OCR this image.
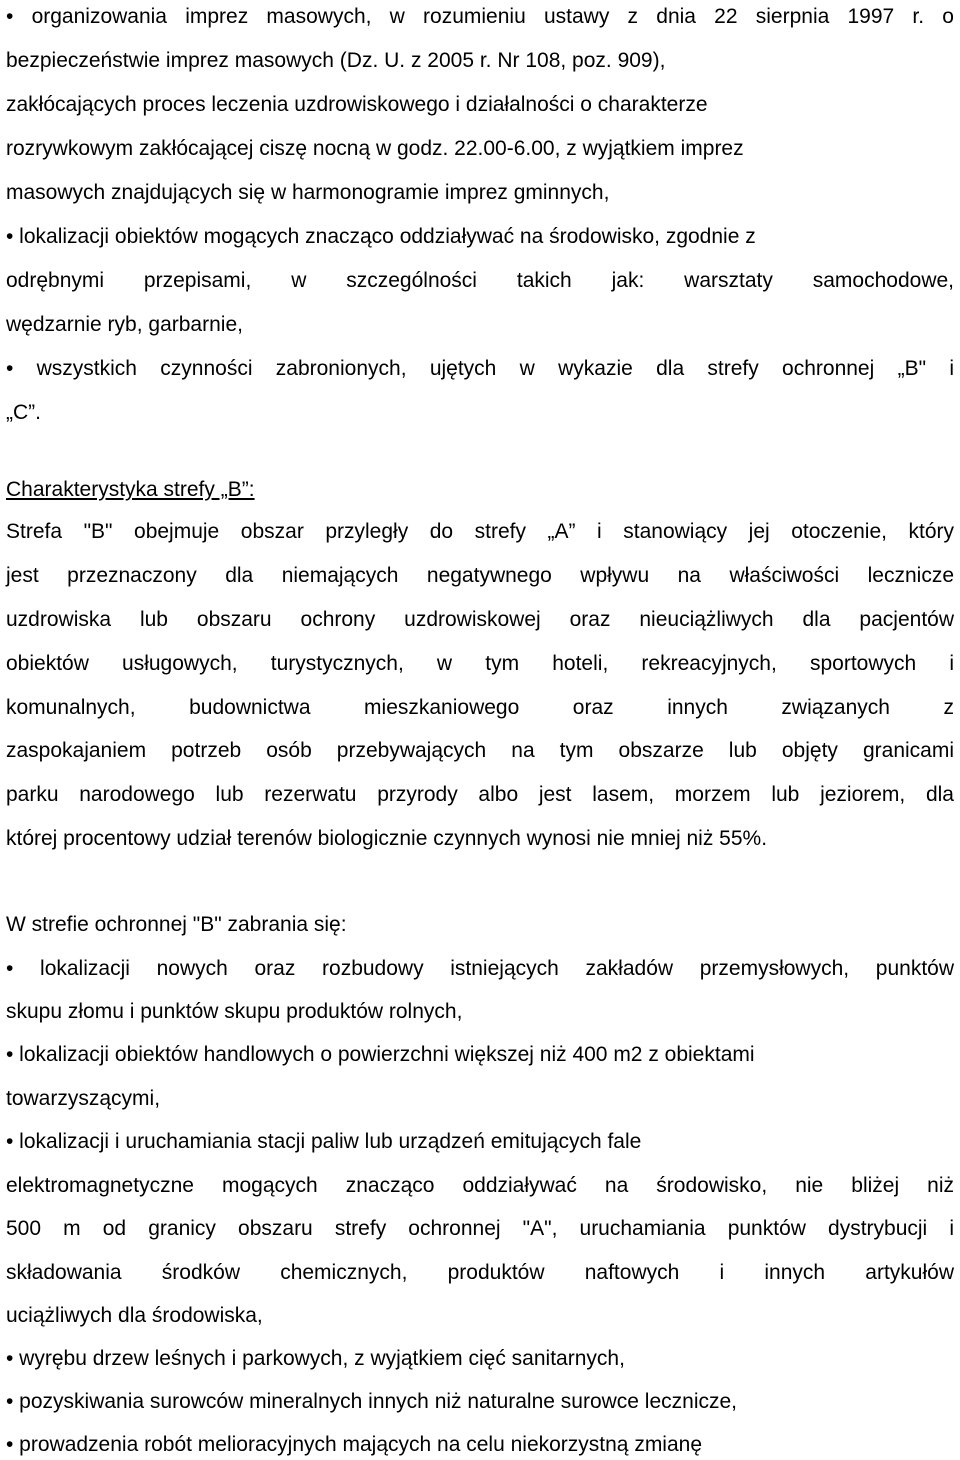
• organizowania imprez masowych, w rozumieniu ustawy z dnia 22 sierpnia 1997 r. o
bezpieczeństwie imprez masowych (Dz. U. z 2005 r. Nr 108, poz. 909),
zakłócających proces leczenia uzdrowiskowego i działalności o charakterze
rozrywkowym zakłócającej ciszę nocną w godz. 22.00-6.00, z wyjątkiem imprez
masowych znajdujących się w harmonogramie imprez gminnych,
• lokalizacji obiektów mogących znacząco oddziaływać na środowisko, zgodnie z
odrębnymi przepisami, w szczególności takich jak: warsztaty samochodowe,
wędzarnie ryb, garbarnie,
• wszystkich czynności zabronionych, ujętych w wykazie dla strefy ochronnej „B" i
„C”.
Charakterystyka strefy „B”:
Strefa "B" obejmuje obszar przyległy do strefy „A” i stanowiący jej otoczenie, który
jest przeznaczony dla niemających negatywnego wpływu na właściwości lecznicze
uzdrowiska lub obszaru ochrony uzdrowiskowej oraz nieuciążliwych dla pacjentów
obiektów usługowych, turystycznych, w tym hoteli, rekreacyjnych, sportowych i
komunalnych, budownictwa mieszkaniowego oraz innych związanych z
zaspokajaniem potrzeb osób przebywających na tym obszarze lub objęty granicami
parku narodowego lub rezerwatu przyrody albo jest lasem, morzem lub jeziorem, dla
której procentowy udział terenów biologicznie czynnych wynosi nie mniej niż 55%.
W strefie ochronnej "B" zabrania się:
• lokalizacji nowych oraz rozbudowy istniejących zakładów przemysłowych, punktów
skupu złomu i punktów skupu produktów rolnych,
• lokalizacji obiektów handlowych o powierzchni większej niż 400 m2 z obiektami
towarzyszącymi,
• lokalizacji i uruchamiania stacji paliw lub urządzeń emitujących fale
elektromagnetyczne mogących znacząco oddziaływać na środowisko, nie bliżej niż
500 m od granicy obszaru strefy ochronnej "A", uruchamiania punktów dystrybucji i
składowania środków chemicznych, produktów naftowych i innych artykułów
uciążliwych dla środowiska,
• wyrębu drzew leśnych i parkowych, z wyjątkiem cięć sanitarnych,
• pozyskiwania surowców mineralnych innych niż naturalne surowce lecznicze,
• prowadzenia robót melioracyjnych mających na celu niekorzystną zmianę
